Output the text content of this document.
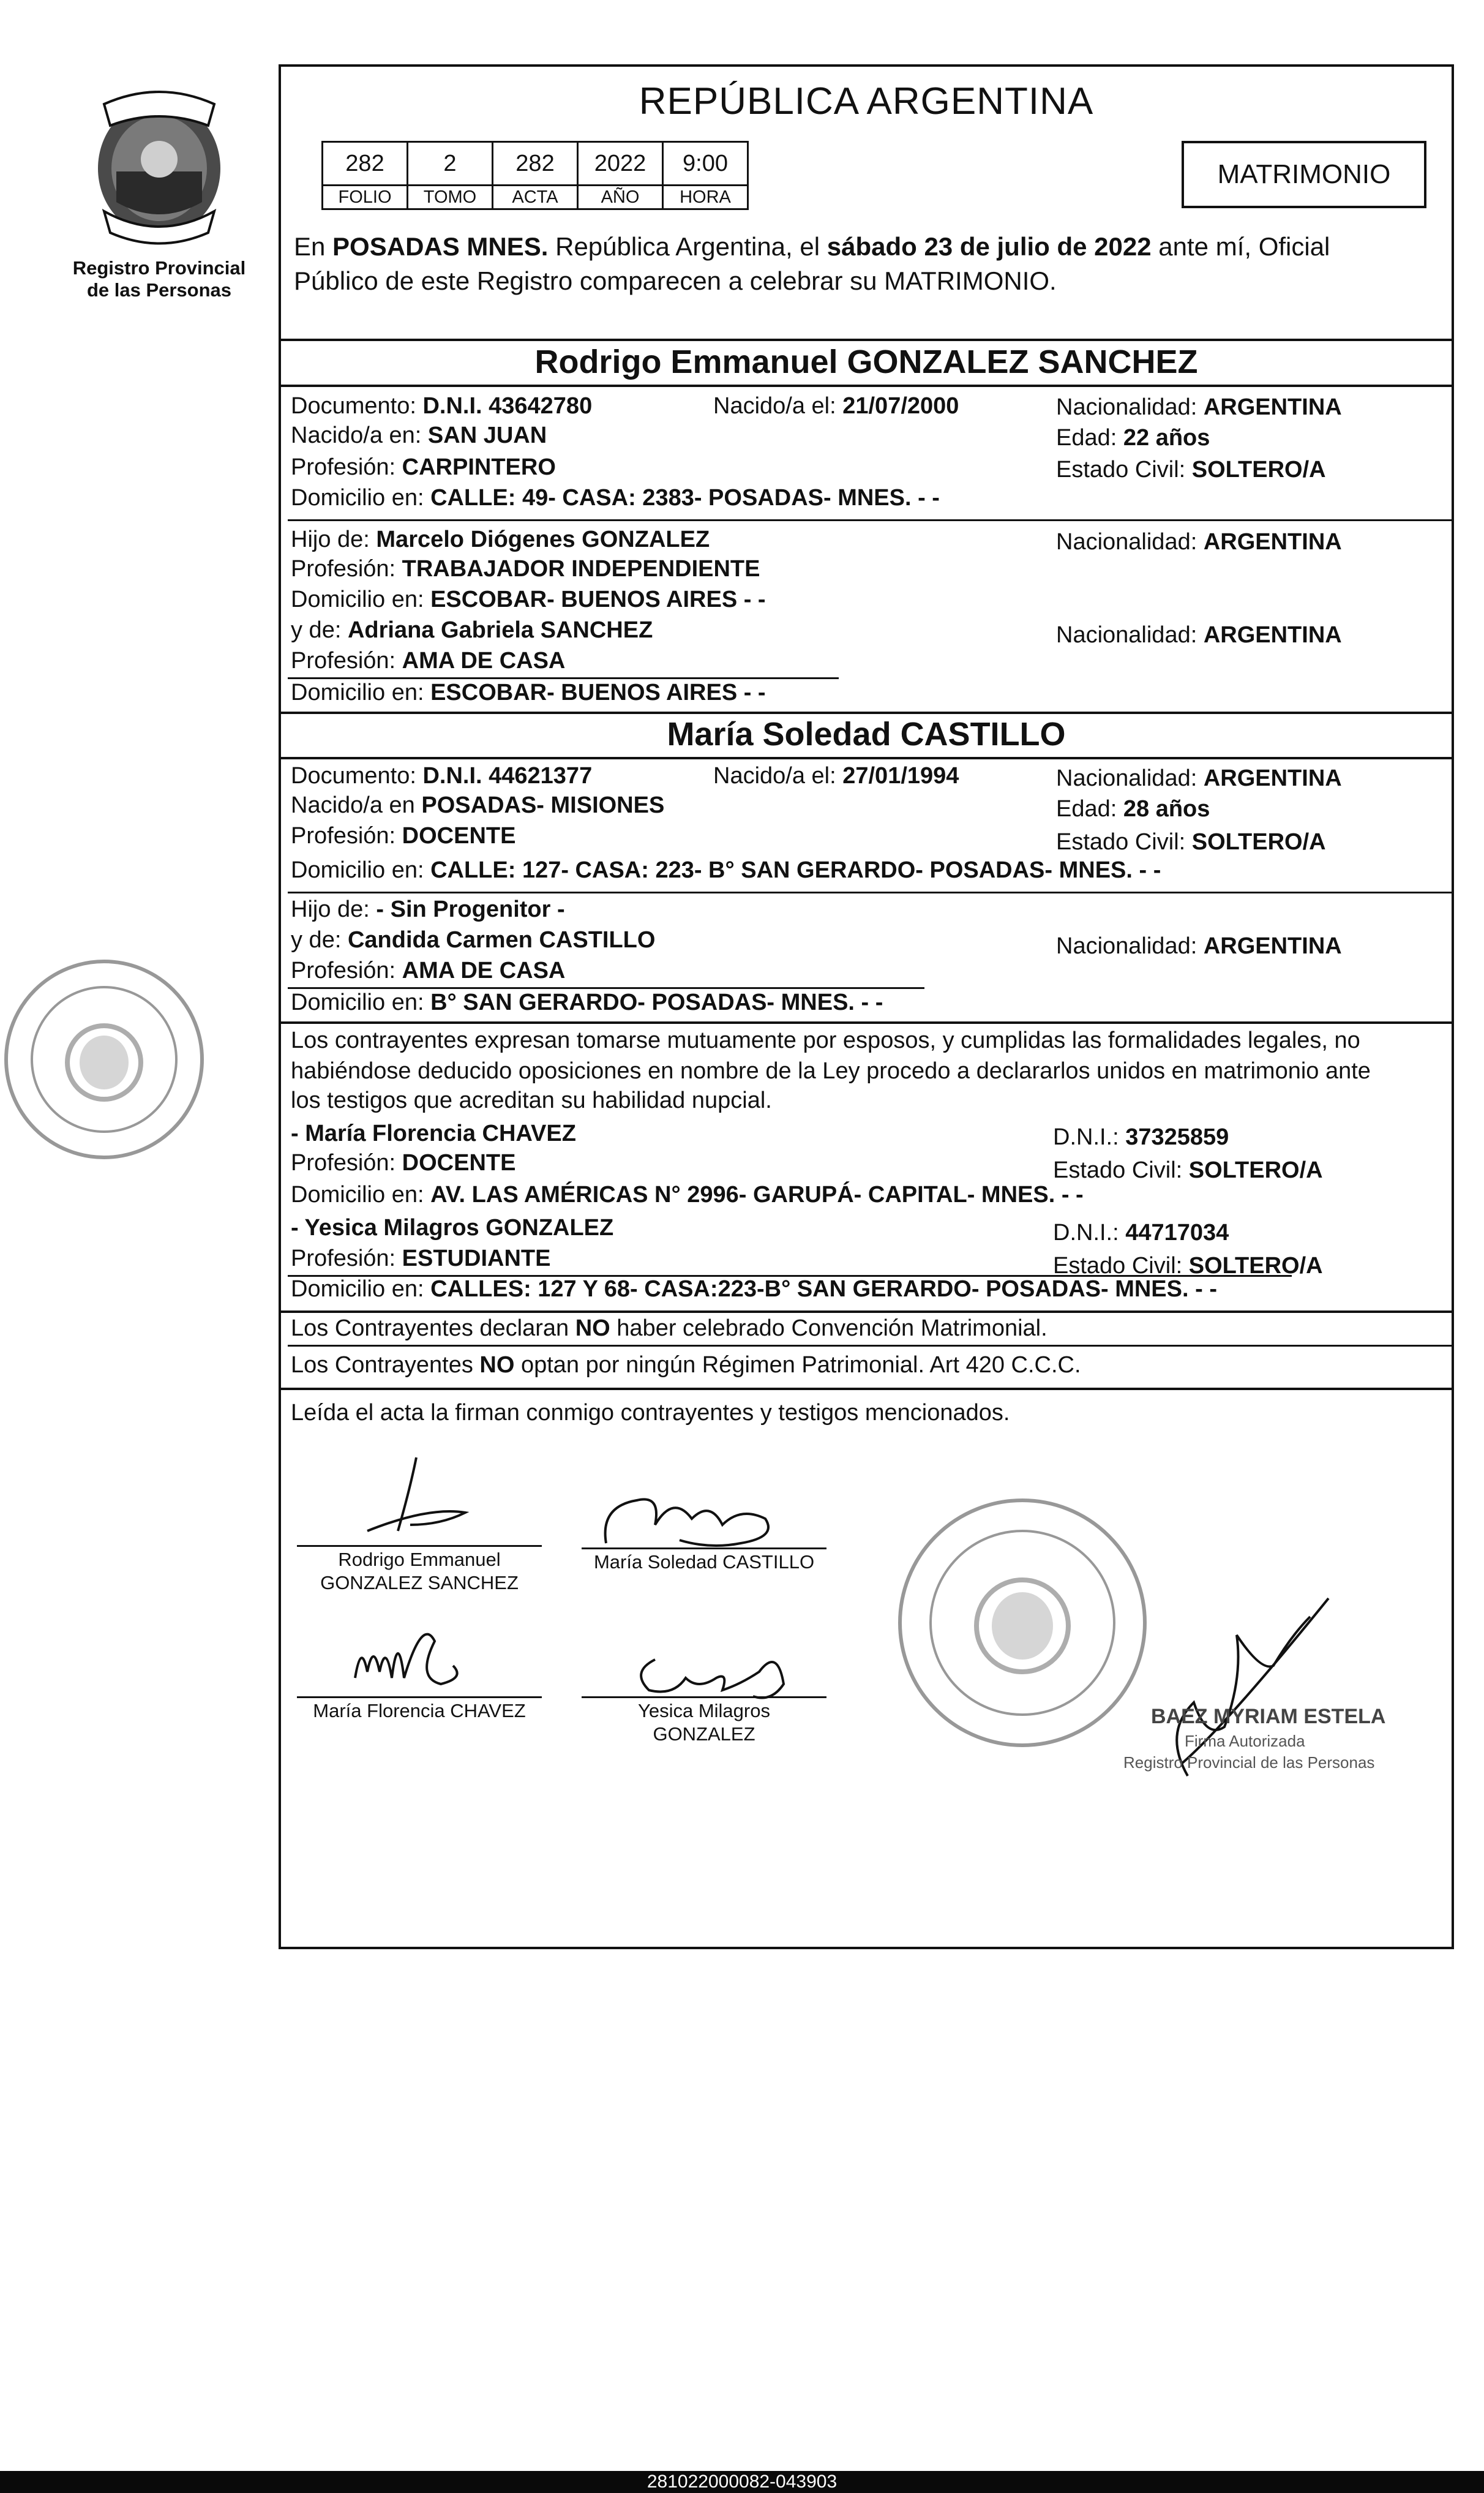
Registro Provincial
de las Personas
REPÚBLICA ARGENTINA
282	2	282	2022	9:00
FOLIO	TOMO	ACTA	AÑO	HORA
MATRIMONIO
En POSADAS MNES. República Argentina, el sábado 23 de julio de 2022 ante mí, Oficial
Público de este Registro comparecen a celebrar su MATRIMONIO.
Rodrigo Emmanuel GONZALEZ SANCHEZ
Documento: D.N.I. 43642780	Nacido/a el: 21/07/2000	Nacionalidad: ARGENTINA
Nacido/a en: SAN JUAN	Edad: 22 años
Profesión: CARPINTERO	Estado Civil: SOLTERO/A
Domicilio en: CALLE: 49- CASA: 2383- POSADAS- MNES. - -
Hijo de: Marcelo Diógenes GONZALEZ	Nacionalidad: ARGENTINA
Profesión: TRABAJADOR INDEPENDIENTE
Domicilio en: ESCOBAR- BUENOS AIRES - -
y de: Adriana Gabriela SANCHEZ	Nacionalidad: ARGENTINA
Profesión: AMA DE CASA
Domicilio en: ESCOBAR- BUENOS AIRES - -
María Soledad CASTILLO
Documento: D.N.I. 44621377	Nacido/a el: 27/01/1994	Nacionalidad: ARGENTINA
Nacido/a en POSADAS- MISIONES	Edad: 28 años
Profesión: DOCENTE	Estado Civil: SOLTERO/A
Domicilio en: CALLE: 127- CASA: 223- B° SAN GERARDO- POSADAS- MNES. - -
Hijo de: - Sin Progenitor -
y de: Candida Carmen CASTILLO	Nacionalidad: ARGENTINA
Profesión: AMA DE CASA
Domicilio en: B° SAN GERARDO- POSADAS- MNES. - -
Los contrayentes expresan tomarse mutuamente por esposos, y cumplidas las formalidades legales, no
habiéndose deducido oposiciones en nombre de la Ley procedo a declararlos unidos en matrimonio ante
los testigos que acreditan su habilidad nupcial.
- María Florencia CHAVEZ	D.N.I.: 37325859
Profesión: DOCENTE	Estado Civil: SOLTERO/A
Domicilio en: AV. LAS AMÉRICAS N° 2996- GARUPÁ- CAPITAL- MNES. - -
- Yesica Milagros GONZALEZ	D.N.I.: 44717034
Profesión: ESTUDIANTE	Estado Civil: SOLTERO/A
Domicilio en: CALLES: 127 Y 68- CASA:223-B° SAN GERARDO- POSADAS- MNES. - -
Los Contrayentes declaran NO haber celebrado Convención Matrimonial.
Los Contrayentes NO optan por ningún Régimen Patrimonial. Art 420 C.C.C.
Leída el acta la firman conmigo contrayentes y testigos mencionados.
Rodrigo Emmanuel
GONZALEZ SANCHEZ
María Soledad CASTILLO
María Florencia CHAVEZ	Yesica Milagros
GONZALEZ
BAEZ MYRIAM ESTELA
Firma Autorizada
Registro Provincial de las Personas
281022000082-043903
